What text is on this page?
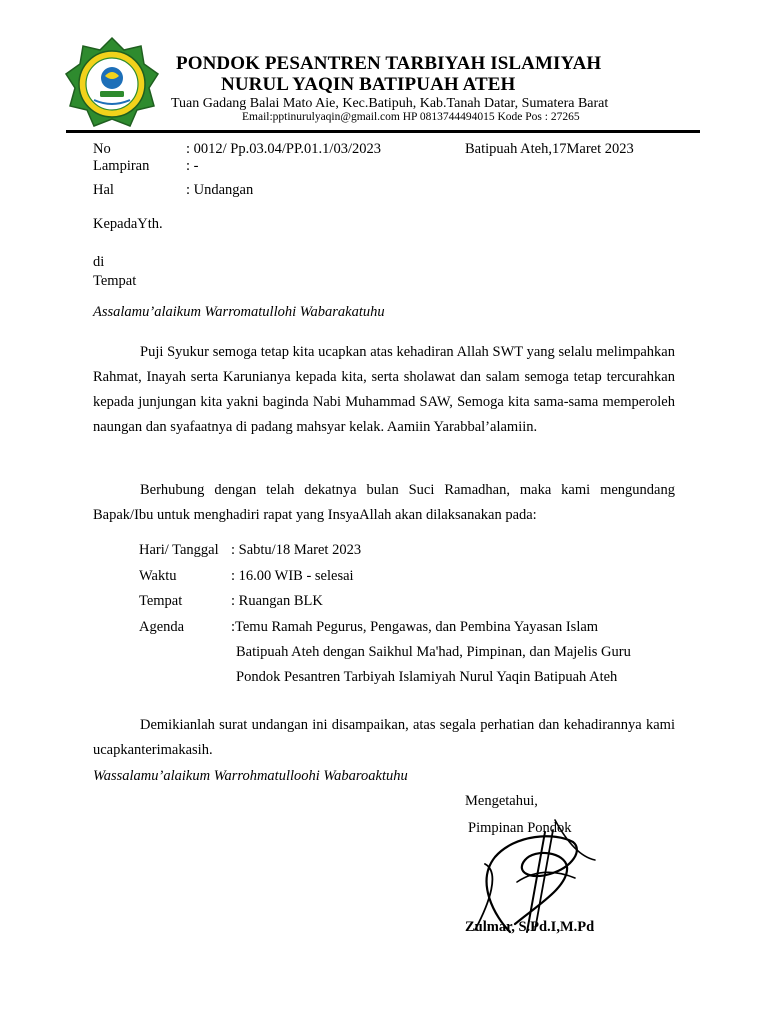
PONDOK PESANTREN TARBIYAH ISLAMIYAH
NURUL YAQIN BATIPUAH ATEH
Tuan Gadang Balai Mato Aie, Kec.Batipuh, Kab.Tanah Datar, Sumatera Barat
Email:pptinurulyaqin@gmail.com HP 0813744494015 Kode Pos : 27265
No	: 0012/ Pp.03.04/PP.01.1/03/2023	Batipuah Ateh,17Maret 2023
Lampiran	: -
Hal	: Undangan
KepadaYth.
di
Tempat
Assalamu’alaikum Warromatullohi Wabarakatuhu
Puji Syukur semoga tetap kita ucapkan atas kehadiran Allah SWT yang selalu melimpahkan Rahmat, Inayah serta Karunianya kepada kita, serta sholawat dan salam semoga tetap tercurahkan kepada junjungan kita yakni baginda Nabi Muhammad SAW, Semoga kita sama-sama memperoleh naungan dan syafaatnya di padang mahsyar kelak. Aamiin Yarabbal’alamiin.
Berhubung dengan telah dekatnya bulan Suci Ramadhan, maka kami mengundang Bapak/Ibu untuk menghadiri rapat yang InsyaAllah akan dilaksanakan pada:
Hari/ Tanggal : Sabtu/18 Maret 2023
Waktu	: 16.00 WIB - selesai
Tempat	: Ruangan BLK
Agenda	:Temu Ramah Pegurus, Pengawas, dan Pembina Yayasan Islam
Batipuah Ateh dengan Saikhul Ma'had, Pimpinan, dan Majelis Guru
Pondok Pesantren Tarbiyah Islamiyah Nurul Yaqin Batipuah Ateh
Demikianlah surat undangan ini disampaikan, atas segala perhatian dan kehadirannya kami ucapkanterimakasih.
Wassalamu’alaikum Warrohmatulloohi Wabaroaktuhu
Mengetahui,
Pimpinan Pondok
Zulmar, S.Pd.I,M.Pd
